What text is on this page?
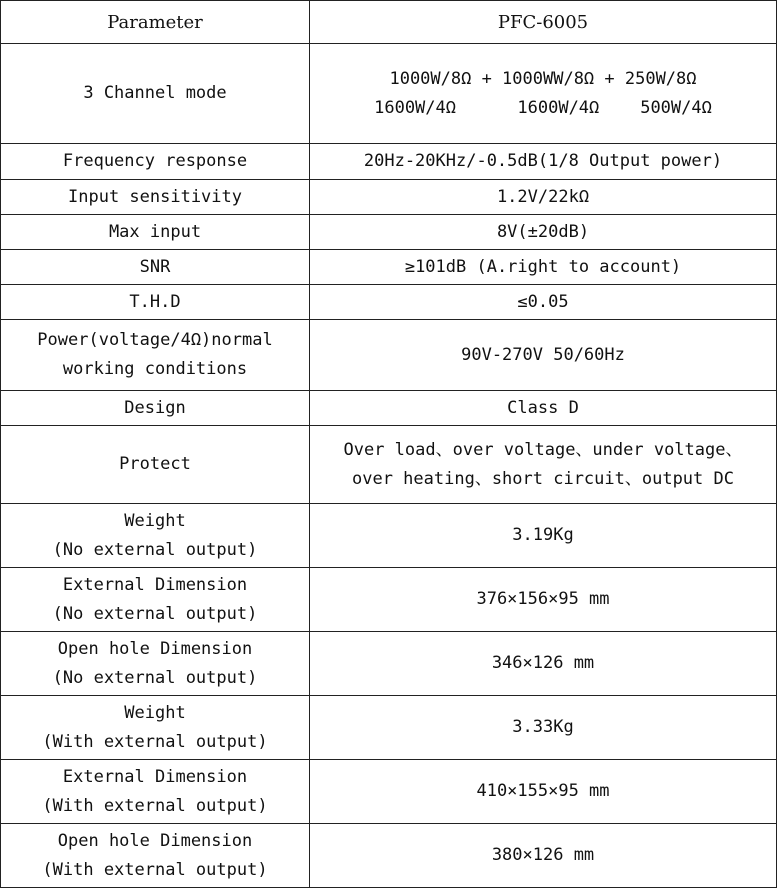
Parameter	PFC-6005

3 Channel mode	1000W/8Ω + 1000WW/8Ω + 250W/8Ω
1600W/4Ω      1600W/4Ω    500W/4Ω

Frequency response	20Hz-20KHz/-0.5dB(1/8 Output power)

Input sensitivity	1.2V/22kΩ

Max input	8V(±20dB)

SNR	≥101dB (A.right to account)

T.H.D	≤0.05

Power(voltage/4Ω)normal
working conditions	90V-270V 50/60Hz

Design	Class D

Protect	Over load、over voltage、under voltage、
over heating、short circuit、output DC

Weight
(No external output)	3.19Kg

External Dimension
(No external output)	376×156×95 mm

Open hole Dimension
(No external output)	346×126 mm

Weight
(With external output)	3.33Kg

External Dimension
(With external output)	410×155×95 mm

Open hole Dimension
(With external output)	380×126 mm
